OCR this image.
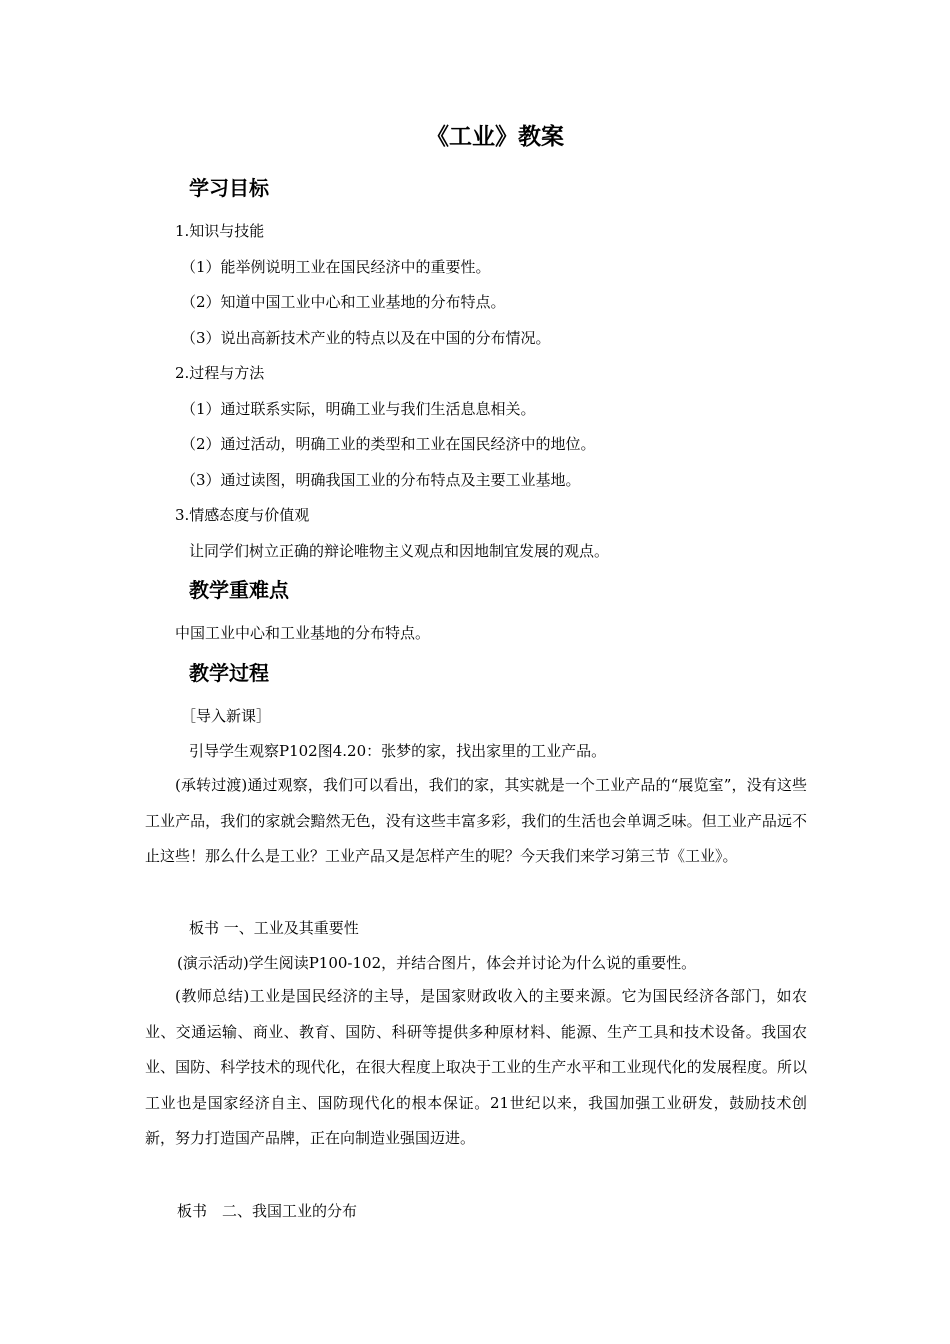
《工业》教案
学习目标
1.知识与技能
（1）能举例说明工业在国民经济中的重要性。
（2）知道中国工业中心和工业基地的分布特点。
（3）说出高新技术产业的特点以及在中国的分布情况。
2.过程与方法
（1）通过联系实际，明确工业与我们生活息息相关。
（2）通过活动，明确工业的类型和工业在国民经济中的地位。
（3）通过读图，明确我国工业的分布特点及主要工业基地。
3.情感态度与价值观
让同学们树立正确的辩论唯物主义观点和因地制宜发展的观点。
教学重难点
中国工业中心和工业基地的分布特点。
教学过程
［导入新课］
引导学生观察P102图4.20：张梦的家，找出家里的工业产品。
(承转过渡)通过观察，我们可以看出，我们的家，其实就是一个工业产品的“展览室”，没有这些工业产品，我们的家就会黯然无色，没有这些丰富多彩，我们的生活也会单调乏味。但工业产品远不止这些！那么什么是工业？工业产品又是怎样产生的呢？今天我们来学习第三节《工业》。
板书 一、工业及其重要性
(演示活动)学生阅读P100-102，并结合图片，体会并讨论为什么说的重要性。
(教师总结)工业是国民经济的主导，是国家财政收入的主要来源。它为国民经济各部门，如农业、交通运输、商业、教育、国防、科研等提供多种原材料、能源、生产工具和技术设备。我国农业、国防、科学技术的现代化，在很大程度上取决于工业的生产水平和工业现代化的发展程度。所以工业也是国家经济自主、国防现代化的根本保证。21世纪以来，我国加强工业研发，鼓励技术创新，努力打造国产品牌，正在向制造业强国迈进。
板书　二、我国工业的分布
